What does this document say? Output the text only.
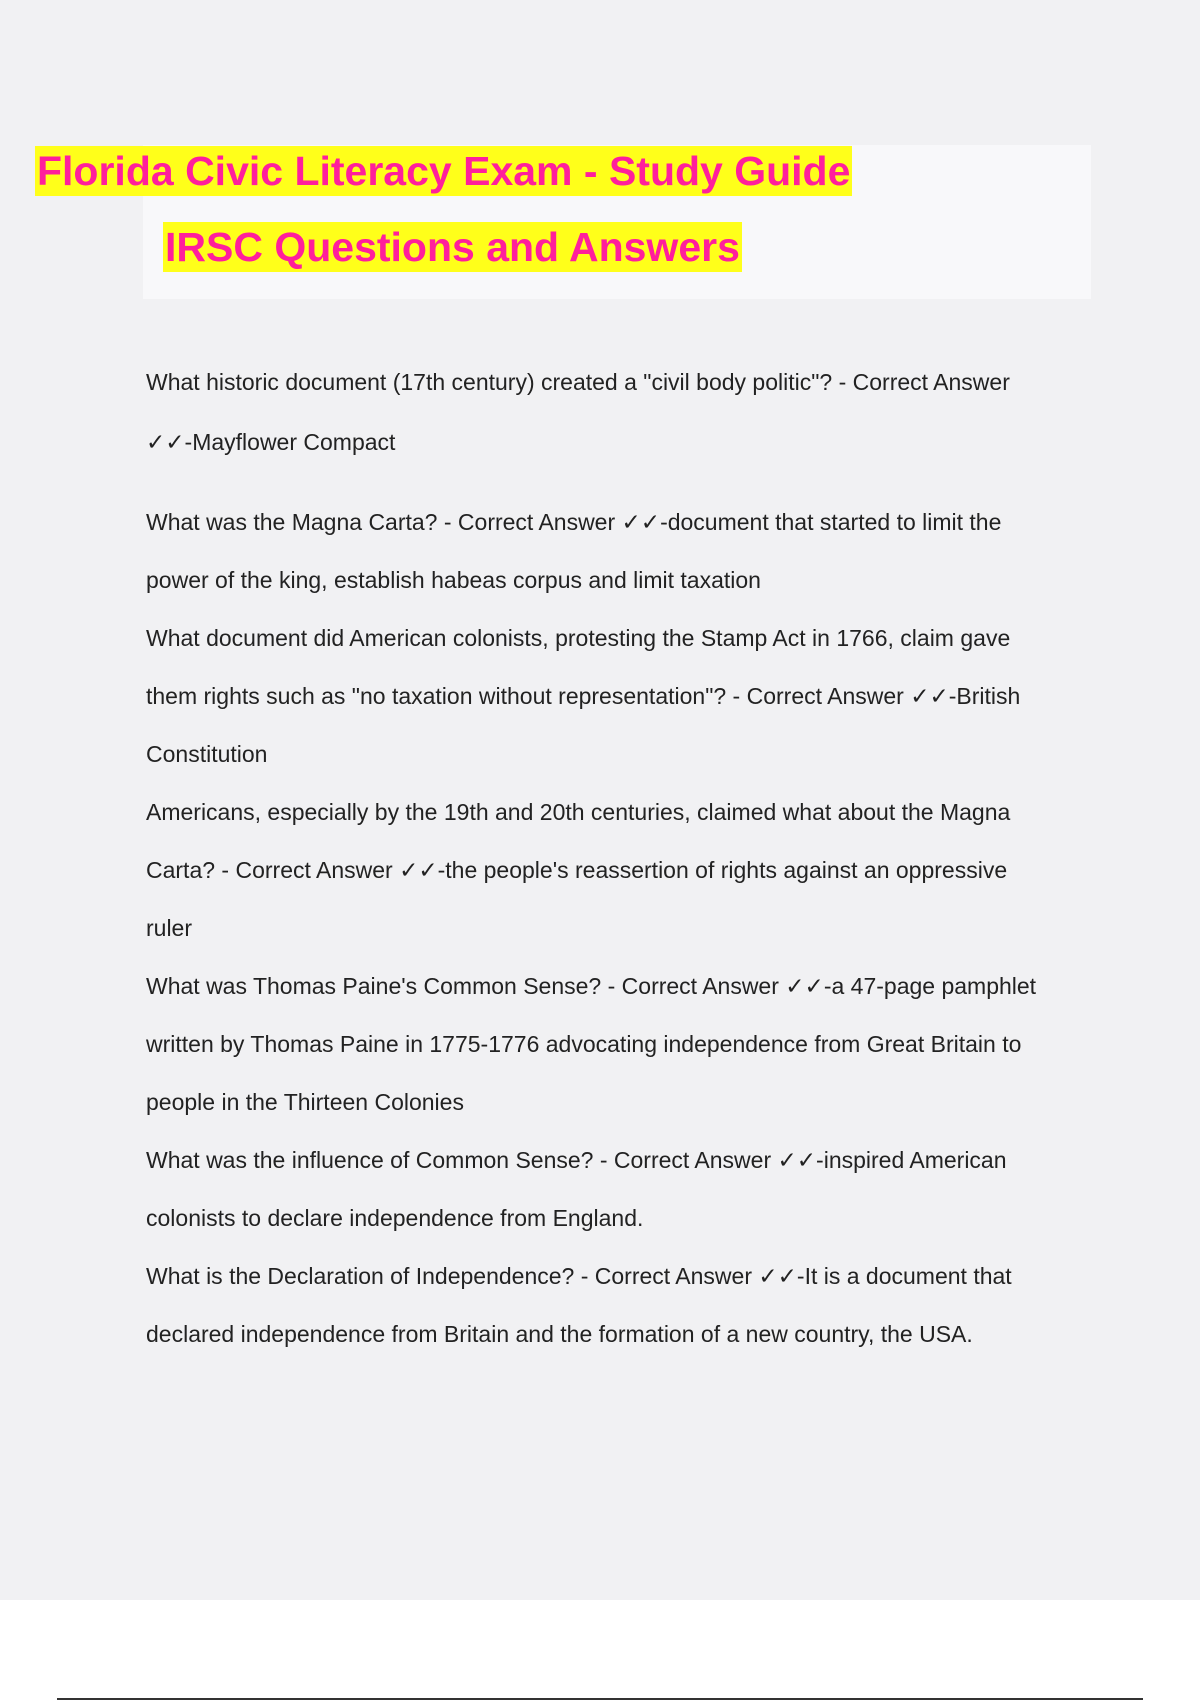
Florida Civic Literacy Exam - Study Guide
IRSC Questions and Answers
What historic document (17th century) created a "civil body politic"? - Correct Answer
✓✓-Mayflower Compact
What was the Magna Carta? - Correct Answer ✓✓-document that started to limit the
power of the king, establish habeas corpus and limit taxation
What document did American colonists, protesting the Stamp Act in 1766, claim gave
them rights such as "no taxation without representation"? - Correct Answer ✓✓-British
Constitution
Americans, especially by the 19th and 20th centuries, claimed what about the Magna
Carta? - Correct Answer ✓✓-the people's reassertion of rights against an oppressive
ruler
What was Thomas Paine's Common Sense? - Correct Answer ✓✓-a 47-page pamphlet
written by Thomas Paine in 1775-1776 advocating independence from Great Britain to
people in the Thirteen Colonies
What was the influence of Common Sense? - Correct Answer ✓✓-inspired American
colonists to declare independence from England.
What is the Declaration of Independence? - Correct Answer ✓✓-It is a document that
declared independence from Britain and the formation of a new country, the USA.
